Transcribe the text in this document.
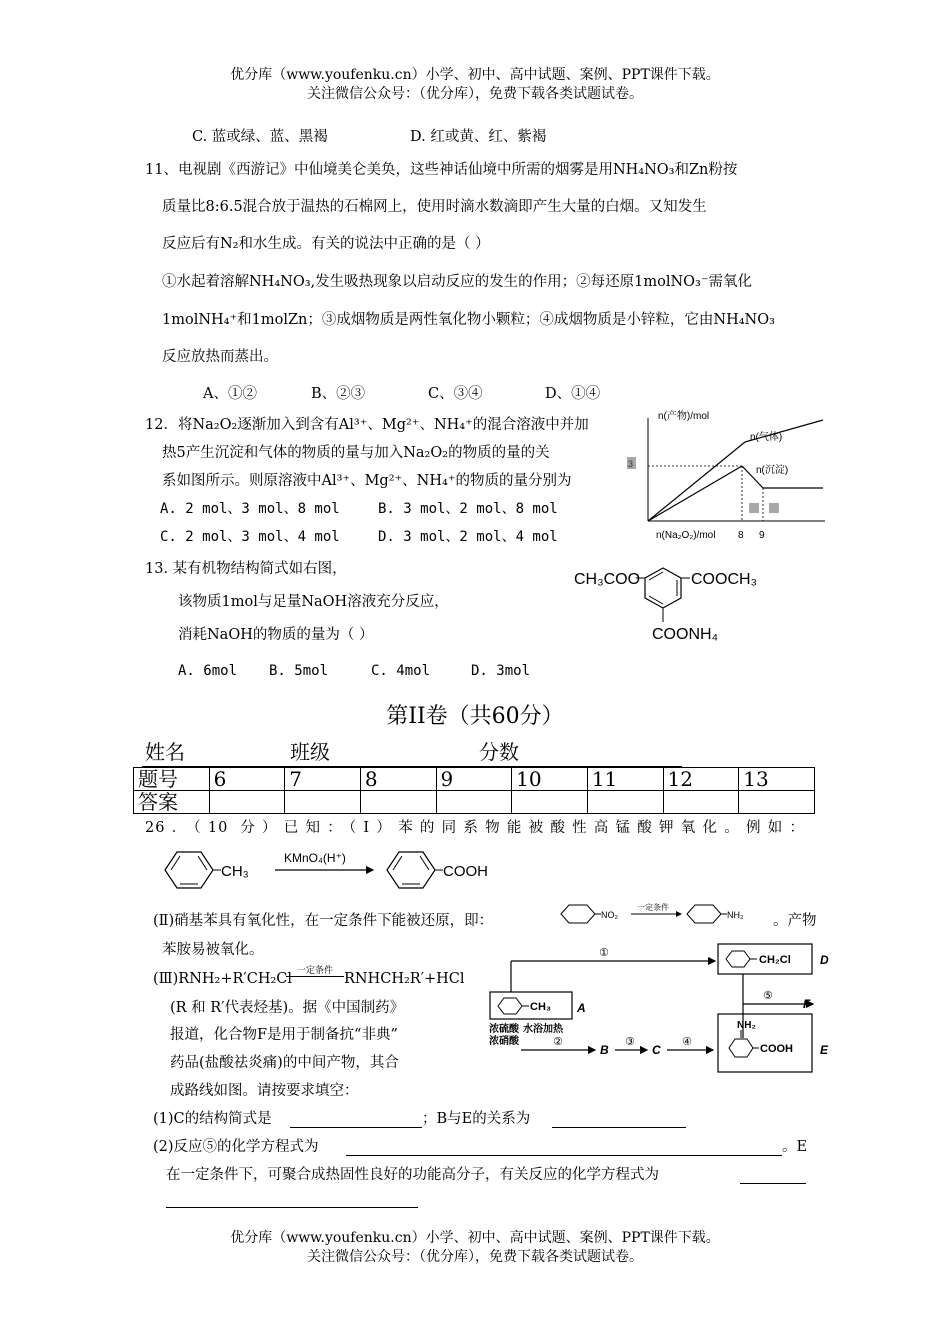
优分库（www.youfenku.cn）小学、初中、高中试题、案例、PPT课件下载。
关注微信公众号：（优分库），免费下载各类试题试卷。
C. 蓝或绿、蓝、黑褐	D. 红或黄、红、紫褐
11、电视剧《西游记》中仙境美仑美奂，这些神话仙境中所需的烟雾是用NH₄NO₃和Zn粉按
质量比8:6.5混合放于温热的石棉网上，使用时滴水数滴即产生大量的白烟。又知发生
反应后有N₂和水生成。有关的说法中正确的是（ ）
①水起着溶解NH₄NO₃,发生吸热现象以启动反应的发生的作用；②每还原1molNO₃⁻需氧化
1molNH₄⁺和1molZn；③成烟物质是两性氧化物小颗粒；④成烟物质是小锌粒，它由NH₄NO₃
反应放热而蒸出。
A、①②	B、②③	C、③④	D、①④
12．将Na₂O₂逐渐加入到含有Al³⁺、Mg²⁺、NH₄⁺的混合溶液中并加
热5产生沉淀和气体的物质的量与加入Na₂O₂的物质的量的关
系如图所示。则原溶液中Al³⁺、Mg²⁺、NH₄⁺的物质的量分别为
A. 2 mol、3 mol、8 mol	B. 3 mol、2 mol、8 mol
C. 2 mol、3 mol、4 mol	D. 3 mol、2 mol、4 mol
3
n(产物)/mol
n(气体)
n(沉淀)
n(Na₂O₂)/mol 8 9
13. 某有机物结构简式如右图，
该物质1mol与足量NaOH溶液充分反应，
消耗NaOH的物质的量为（ ）
A. 6mol B. 5mol	C. 4mol	D. 3mol
CH₃COO	COOCH₃
COONH₄
第II卷（共60分）
姓名	班级	分数
题号	6	7	8	9	10	11	12	13
答案								
26．（10 分）已知：（I）苯的同系物能被酸性高锰酸钾氧化。例如：
CH₃
KMnO₄(H⁺)
COOH
(Ⅱ)硝基苯具有氧化性，在一定条件下能被还原，即：	NO₂
一定条件
NH₂ 。产物
苯胺易被氧化。
(Ⅲ)RNH₂+R′CH₂Cl 一定条件 RNHCH₂R′+HCl
(R 和 R′代表烃基)。据《中国制药》
报道，化合物F是用于制备抗“非典”
药品(盐酸祛炎痛)的中间产物，其合
成路线如图。请按要求填空：
①
CH₂Cl D
⑤
F
CH₃ A
浓硫酸
浓硝酸
水浴加热
②
B
③
C
④
NH₂
COOH E
(1)C的结构简式是	；B与E的关系为
(2)反应⑤的化学方程式为	。E
在一定条件下，可聚合成热固性良好的功能高分子，有关反应的化学方程式为
优分库（www.youfenku.cn）小学、初中、高中试题、案例、PPT课件下载。
关注微信公众号：（优分库），免费下载各类试题试卷。
